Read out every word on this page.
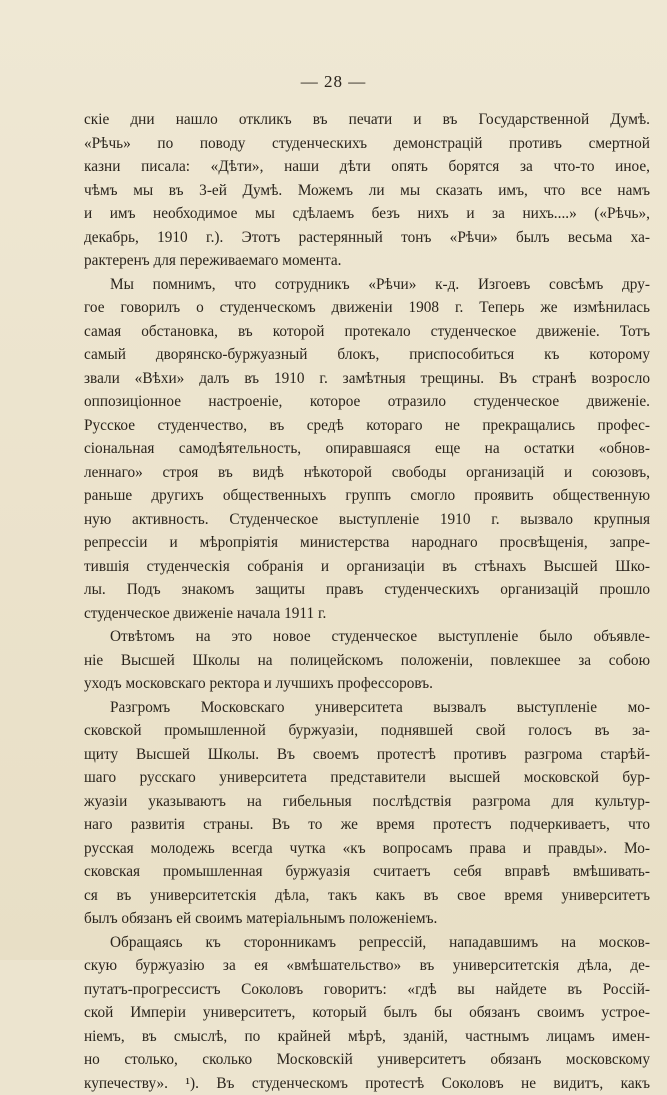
— 28 —
скіе дни нашло откликъ въ печати и въ Государственной Думѣ.
«Рѣчь» по поводу студенческихъ демонстрацій противъ смертной
казни писала: «Дѣти», наши дѣти опять борятся за что-то иное,
чѣмъ мы въ 3-ей Думѣ. Можемъ ли мы сказать имъ, что все намъ
и имъ необходимое мы сдѣлаемъ безъ нихъ и за нихъ....» («Рѣчь»,
декабрь, 1910 г.). Этотъ растерянный тонъ «Рѣчи» былъ весьма ха-
рактеренъ для переживаемаго момента.
Мы помнимъ, что сотрудникъ «Рѣчи» к-д. Изгоевъ совсѣмъ дру-
гое говорилъ о студенческомъ движеніи 1908 г. Теперь же измѣнилась
самая обстановка, въ которой протекало студенческое движеніе. Тотъ
самый дворянско-буржуазный блокъ, приспособиться къ которому
звали «Вѣхи» далъ въ 1910 г. замѣтныя трещины. Въ странѣ возросло
оппозиціонное настроеніе, которое отразило студенческое движеніе.
Русское студенчество, въ средѣ котораго не прекращались профес-
сіональная самодѣятельность, опиравшаяся еще на остатки «обнов-
леннаго» строя въ видѣ нѣкоторой свободы организацій и союзовъ,
раньше другихъ общественныхъ группъ смогло проявить общественную
ную активность. Студенческое выступленіе 1910 г. вызвало крупныя
репрессіи и мѣропріятія министерства народнаго просвѣщенія, запре-
тившія студенческія собранія и организаціи въ стѣнахъ Высшей Шко-
лы. Подъ знакомъ защиты правъ студенческихъ организацій прошло
студенческое движеніе начала 1911 г.
Отвѣтомъ на это новое студенческое выступленіе было объявле-
ніе Высшей Школы на полицейскомъ положеніи, повлекшее за собою
уходъ московскаго ректора и лучшихъ профессоровъ.
Разгромъ Московскаго университета вызвалъ выступленіе мо-
сковской промышленной буржуазіи, поднявшей свой голосъ въ за-
щиту Высшей Школы. Въ своемъ протестѣ противъ разгрома старѣй-
шаго русскаго университета представители высшей московской бур-
жуазіи указываютъ на гибельныя послѣдствія разгрома для культур-
наго развитія страны. Въ то же время протестъ подчеркиваетъ, что
русская молодежь всегда чутка «къ вопросамъ права и правды». Мо-
сковская промышленная буржуазія считаетъ себя вправѣ вмѣшивать-
ся въ университетскія дѣла, такъ какъ въ свое время университетъ
былъ обязанъ ей своимъ матеріальнымъ положеніемъ.
Обращаясь къ сторонникамъ репрессій, нападавшимъ на москов-
скую буржуазію за ея «вмѣшательство» въ университетскія дѣла, де-
путатъ-прогрессистъ Соколовъ говоритъ: «гдѣ вы найдете въ Россій-
ской Имперіи университетъ, который былъ бы обязанъ своимъ устрое-
ніемъ, въ смыслѣ, по крайней мѣрѣ, зданій, частнымъ лицамъ имен-
но столько, сколько Московскій университетъ обязанъ московскому
купечеству». ¹). Въ студенческомъ протестѣ Соколовъ не видитъ, какъ
